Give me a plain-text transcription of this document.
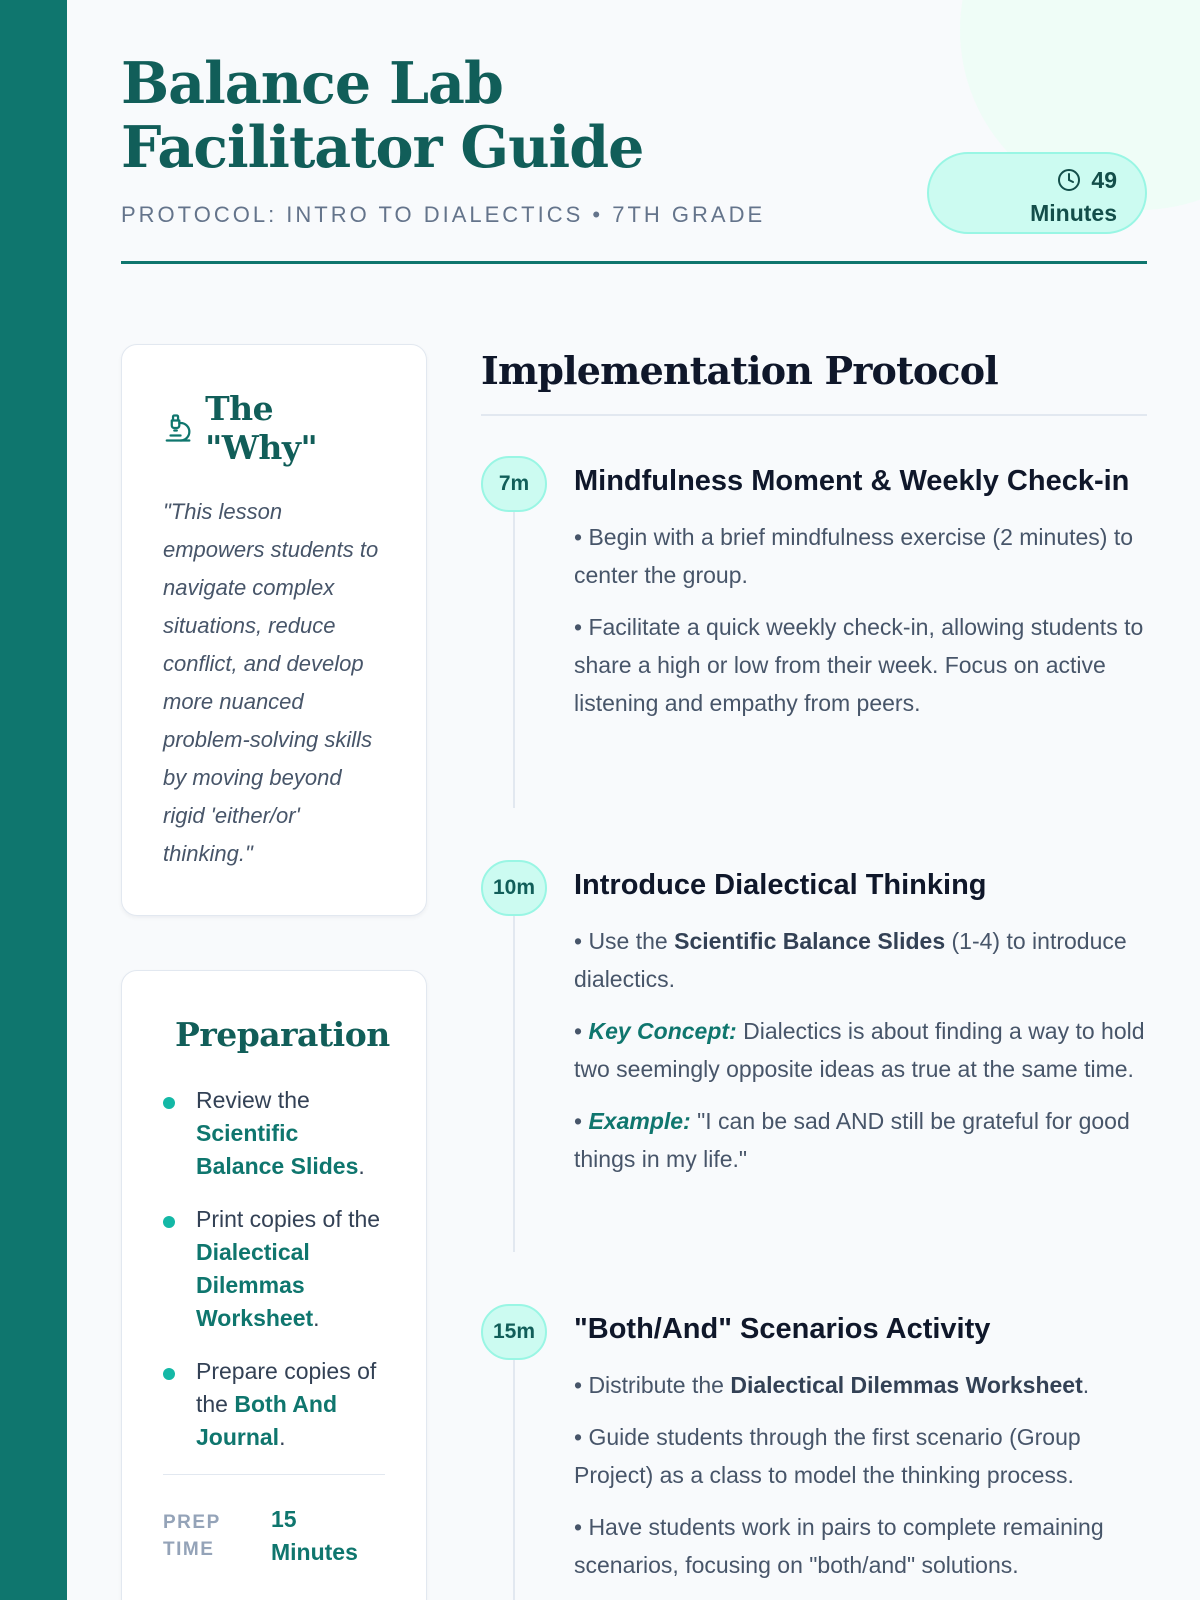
Balance Lab Facilitator Guide
PROTOCOL: INTRO TO DIALECTICS • 7TH GRADE
49
Minutes
The "Why"

"This lesson empowers students to navigate complex situations, reduce conflict, and develop more nuanced problem-solving skills by moving beyond rigid 'either/or' thinking."

Preparation
Review the Scientific Balance Slides.
Print copies of the Dialectical Dilemmas Worksheet.
Prepare copies of the Both And Journal.
PREP
TIME
15
Minutes
Implementation Protocol
7m	Mindfulness Moment & Weekly Check-in

• Begin with a brief mindfulness exercise (2 minutes) to center the group.

• Facilitate a quick weekly check-in, allowing students to share a high or low from their week. Focus on active listening and empathy from peers.

10m	Introduce Dialectical Thinking

• Use the Scientific Balance Slides (1-4) to introduce dialectics.

• Key Concept: Dialectics is about finding a way to hold two seemingly opposite ideas as true at the same time.

• Example: "I can be sad AND still be grateful for good things in my life."

15m	"Both/And" Scenarios Activity

• Distribute the Dialectical Dilemmas Worksheet.

• Guide students through the first scenario (Group Project) as a class to model the thinking process.

• Have students work in pairs to complete remaining scenarios, focusing on "both/and" solutions.
